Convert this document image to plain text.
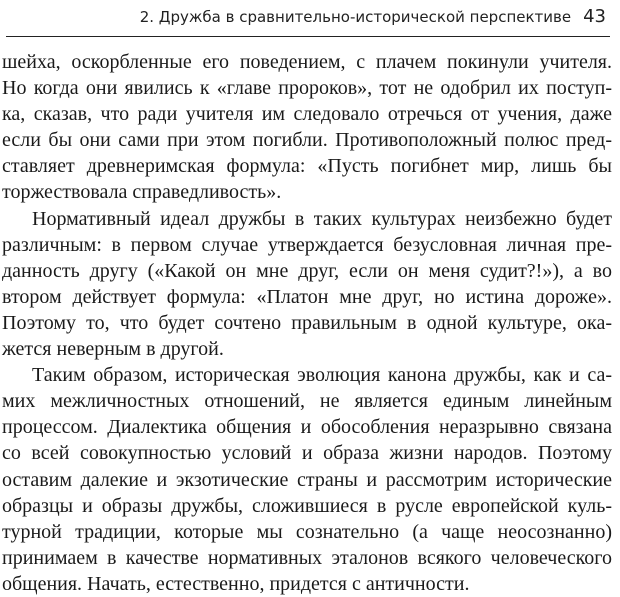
2. Дружба в сравнительно-исторической перспективе 43
шейха, оскорбленные его поведением, с плачем покинули учителя.
Но когда они явились к «главе пророков», тот не одобрил их поступ-
ка, сказав, что ради учителя им следовало отречься от учения, даже
если бы они сами при этом погибли. Противоположный полюс пред-
ставляет древнеримская формула: «Пусть погибнет мир, лишь бы
торжествовала справедливость».
Нормативный идеал дружбы в таких культурах неизбежно будет
различным: в первом случае утверждается безусловная личная пре-
данность другу («Какой он мне друг, если он меня судит?!»), а во
втором действует формула: «Платон мне друг, но истина дороже».
Поэтому то, что будет сочтено правильным в одной культуре, ока-
жется неверным в другой.
Таким образом, историческая эволюция канона дружбы, как и са-
мих межличностных отношений, не является единым линейным
процессом. Диалектика общения и обособления неразрывно связана
со всей совокупностью условий и образа жизни народов. Поэтому
оставим далекие и экзотические страны и рассмотрим исторические
образцы и образы дружбы, сложившиеся в русле европейской куль-
турной традиции, которые мы сознательно (а чаще неосознанно)
принимаем в качестве нормативных эталонов всякого человеческого
общения. Начать, естественно, придется с античности.
